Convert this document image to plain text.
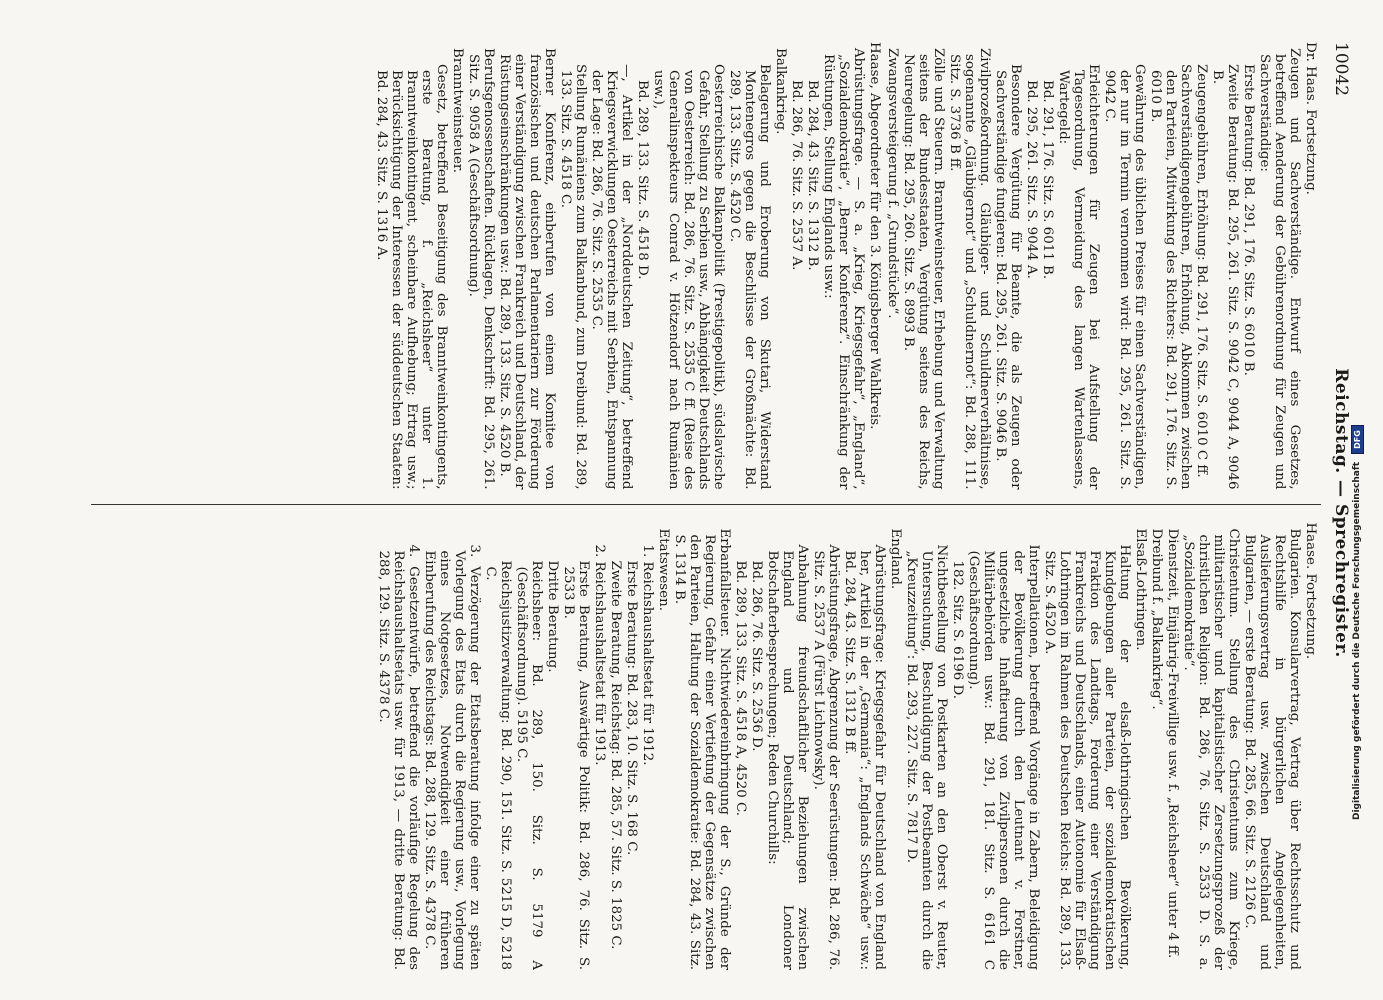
10042
Reichstag. — Sprechregister.

Dr. Haas. Fortsetzung.

Zeugen und Sachverständige. Entwurf eines Gesetzes, betreffend Aenderung der Gebührenordnung für Zeugen und Sachverständige:

Erste Beratung: Bd. 291, 176. Sitz. S. 6010 B.

Zweite Beratung: Bd. 295, 261. Sitz. S. 9042 C, 9044 A, 9046 B.

Zeugengebühren, Erhöhung: Bd. 291, 176. Sitz. S. 6010 C ff.

Sachverständigengebühren, Erhöhung, Abkommen zwischen den Parteien, Mitwirkung des Richters: Bd. 291, 176. Sitz. S. 6010 B.

Gewährung des üblichen Preises für einen Sachverständigen, der nur im Termin vernommen wird: Bd. 295, 261. Sitz. S. 9042 C.

Erleichterungen für Zeugen bei Aufstellung der Tagesordnung, Vermeidung des langen Wartenlassens, Wartegeld:

Bd. 291, 176. Sitz. S. 6011 B.

Bd. 295, 261. Sitz. S. 9044 A.

Besondere Vergütung für Beamte, die als Zeugen oder Sachverständige fungieren: Bd. 295, 261. Sitz. S. 9046 B.

Zivilprozeßordnung. Gläubiger- und Schuldnerverhältnisse, sogenannte „Gläubigernot“ und „Schuldnernot“: Bd. 288, 111. Sitz. S. 3736 B ff.

Zölle und Steuern. Branntweinsteuer, Erhebung und Verwaltung seitens der Bundesstaaten, Vergütung seitens des Reichs, Neuregelung: Bd. 295, 260. Sitz. S. 8993 B.

Zwangsversteigerung f. „Grundstücke“.

Haase, Abgeordneter für den 3. Königsberger Wahlkreis.

Abrüstungsfrage. — S. a. „Krieg, Kriegsgefahr“, „England“, „Sozialdemokratie“, „Berner Konferenz“. Einschränkung der Rüstungen, Stellung Englands usw.:

Bd. 284, 43. Sitz. S. 1312 B.

Bd. 286, 76. Sitz. S. 2537 A.

Balkankrieg.

Belagerung und Eroberung von Skutari, Widerstand Montenegros gegen die Beschlüsse der Großmächte: Bd. 289, 133. Sitz. S. 4520 C.

Oesterreichische Balkanpolitik (Prestigepolitik), südslavische Gefahr, Stellung zu Serbien usw., Abhängigkeit Deutschlands von Oesterreich: Bd. 286, 76. Sitz. S. 2535 C ff. (Reise des Generalinspekteurs Conrad v. Hötzendorf nach Rumänien usw.),

Bd. 289, 133. Sitz. S. 4518 D.

—, Artikel in der „Norddeutschen Zeitung“, betreffend Kriegsverwicklungen Oesterreichs mit Serbien, Entspannung der Lage: Bd. 286, 76. Sitz. S. 2535 C.

Stellung Rumäniens zum Balkanbund, zum Dreibund: Bd. 289, 133. Sitz. S. 4518 C.

Berner Konferenz, einberufen von einem Komitee von französischen und deutschen Parlamentariern zur Förderung einer Verständigung zwischen Frankreich und Deutschland, der Rüstungseinschränkungen usw.: Bd. 289, 133. Sitz. S. 4520 B.

Berufsgenossenschaften. Rücklagen, Denkschrift: Bd. 295, 261. Sitz. S. 9058 A (Geschäftsordnung).

Branntweinsteuer.

Gesetz, betreffend Beseitigung des Branntweinkontingents, erste Beratung, f. „Reichsheer“ unter 1. Branntweinkontingent, scheinbare Aufhebung; Ertrag usw.; Berücksichtigung der Interessen der süddeutschen Staaten: Bd. 284, 43. Sitz. S. 1316 A.

Haase. Fortsetzung.

Bulgarien. Konsularvertrag, Vertrag über Rechtsschutz und Rechtshilfe in bürgerlichen Angelegenheiten, Auslieferungsvertrag usw. zwischen Deutschland und Bulgarien, — erste Beratung: Bd. 285, 66. Sitz. S. 2126 C.

Christentum. Stellung des Christentums zum Kriege, militaristischer und kapitalistischer Zersetzungsprozeß der christlichen Religion: Bd. 286, 76. Sitz. S. 2533 D. S. a. „Sozialdemokratie“.

Dienstzeit, Einjährig-Freiwillige usw. f. „Reichsheer“ unter 4 ff.

Dreibund f. „Balkankrieg“.

Elsaß-Lothringen.

Haltung der elsaß-lothringischen Bevölkerung, Kundgebungen aller Parteien, der sozialdemokratischen Fraktion des Landtags, Forderung einer Verständigung Frankreichs und Deutschlands, einer Autonomie für Elsaß-Lothringen im Rahmen des Deutschen Reichs: Bd. 289, 133. Sitz. S. 4520 A.

Interpellationen, betreffend Vorgänge in Zabern, Beleidigung der Bevölkerung durch den Leutnant v. Forstner, ungesetzliche Inhaftierung von Zivilpersonen durch die Militärbehörden usw.: Bd. 291, 181. Sitz. S. 6161 C (Geschäftsordnung).

182. Sitz. S. 6196 D.

Nichtbestellung von Postkarten an den Oberst v. Reuter, Untersuchung, Beschuldigung der Postbeamten durch die „Kreuzzeitung“: Bd. 293, 227. Sitz. S. 7817 D.

England.

Abrüstungsfrage: Kriegsgefahr für Deutschland von England her, Artikel in der „Germania“: „Englands Schwäche“ usw.: Bd. 284, 43. Sitz. S. 1312 B ff.

Abrüstungsfrage, Abgrenzung der Seerüstungen: Bd. 286, 76. Sitz. S. 2537 A (Fürst Lichnowsky).

Anbahnung freundschaftlicher Beziehungen zwischen England und Deutschland; Londoner Botschafterbesprechungen; Reden Churchills:

Bd. 286, 76. Sitz. S. 2536 D.

Bd. 289, 133. Sitz. S. 4518 A, 4520 C.

Erbanfallsteuer. Nichtwiedereinbringung der S., Gründe der Regierung, Gefahr einer Vertiefung der Gegensätze zwischen den Parteien, Haltung der Sozialdemokratie: Bd. 284, 43. Sitz. S. 1314 B.

Etatswesen.

1. Reichshaushaltsetat für 1912.

Erste Beratung: Bd. 283, 10. Sitz. S. 168 C.

Zweite Beratung, Reichstag: Bd. 285, 57. Sitz. S. 1825 C.

2. Reichshaushaltsetat für 1913.

Erste Beratung, Auswärtige Politik: Bd. 286, 76. Sitz. S. 2533 B.

Dritte Beratung.

Reichsheer: Bd. 289, 150. Sitz. S. 5179 A (Geschäftsordnung). 5195 C.

Reichsjustizverwaltung: Bd. 290, 151. Sitz. S. 5215 D, 5218 C.

3. Verzögerung der Etatsberatung infolge einer zu späten Vorlegung des Etats durch die Regierung usw., Vorlegung eines Notgesetzes, Notwendigkeit einer früheren Einberufung des Reichstags: Bd. 288, 129. Sitz. S. 4378 C.

4. Gesetzentwürfe, betreffend die vorläufige Regelung des Reichshaushaltsetats usw. für 1913, — dritte Beratung: Bd. 288, 129. Sitz. S. 4378 C.	Digitalisierung gefördert durch die Deutsche Forschungsgemeinschaft
DFG
